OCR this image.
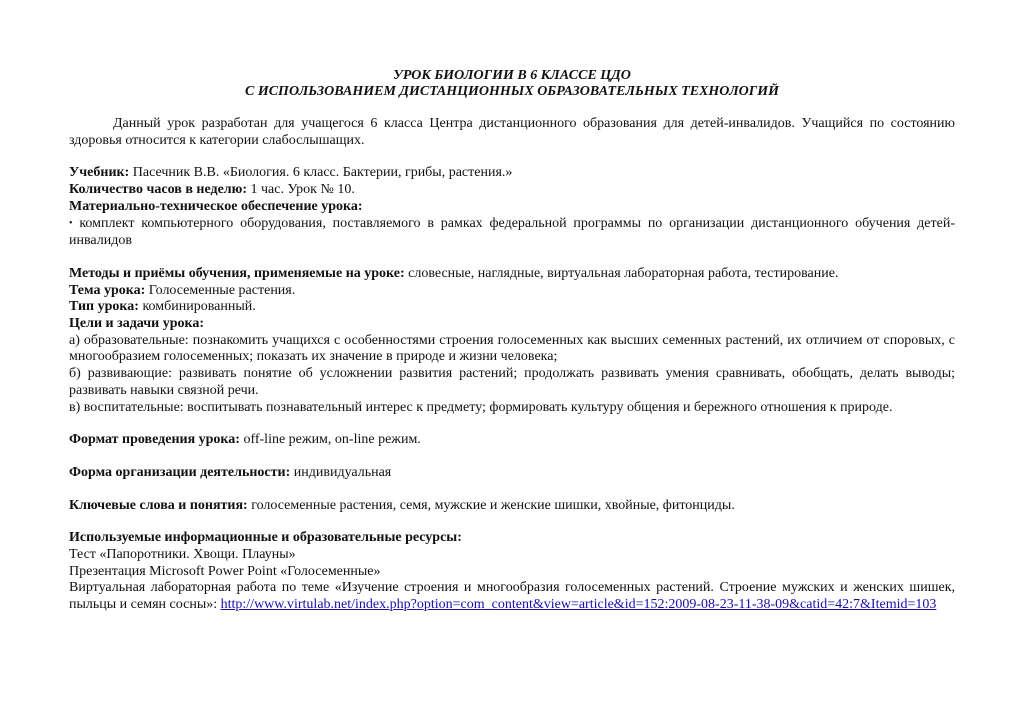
УРОК БИОЛОГИИ В 6 КЛАССЕ ЦДО
С ИСПОЛЬЗОВАНИЕМ ДИСТАНЦИОННЫХ ОБРАЗОВАТЕЛЬНЫХ ТЕХНОЛОГИЙ

Данный урок разработан для учащегося 6 класса Центра дистанционного образования для детей-инвалидов. Учащийся по состоянию здоровья относится к категории слабослышащих.

Учебник: Пасечник В.В. «Биология. 6 класс. Бактерии, грибы, растения.»

Количество часов в неделю: 1 час. Урок № 10.

Материально-техническое обеспечение урока:

• комплект компьютерного оборудования, поставляемого в рамках федеральной программы по организации дистанционного обучения детей-инвалидов

Методы и приёмы обучения, применяемые на уроке: словесные, наглядные, виртуальная лабораторная работа, тестирование.

Тема урока: Голосеменные растения.

Тип урока: комбинированный.

Цели и задачи урока:

а) образовательные: познакомить учащихся с особенностями строения голосеменных как высших семенных растений, их отличием от споровых, с многообразием голосеменных; показать их значение в природе и жизни человека;

б) развивающие: развивать понятие об усложнении развития растений; продолжать развивать умения сравнивать, обобщать, делать выводы; развивать навыки связной речи.

в) воспитательные: воспитывать познавательный интерес к предмету; формировать культуру общения и бережного отношения к природе.

Формат проведения урока: off-line режим, on-line режим.

Форма организации деятельности: индивидуальная

Ключевые слова и понятия: голосеменные растения, семя, мужские и женские шишки, хвойные, фитонциды.

Используемые информационные и образовательные ресурсы:

Тест «Папоротники. Хвощи. Плауны»

Презентация Microsoft Power Point «Голосеменные»

Виртуальная лабораторная работа по теме «Изучение строения и многообразия голосеменных растений. Строение мужских и женских шишек, пыльцы и семян сосны»: http://www.virtulab.net/index.php?option=com_content&view=article&id=152:2009-08-23-11-38-09&catid=42:7&Itemid=103
